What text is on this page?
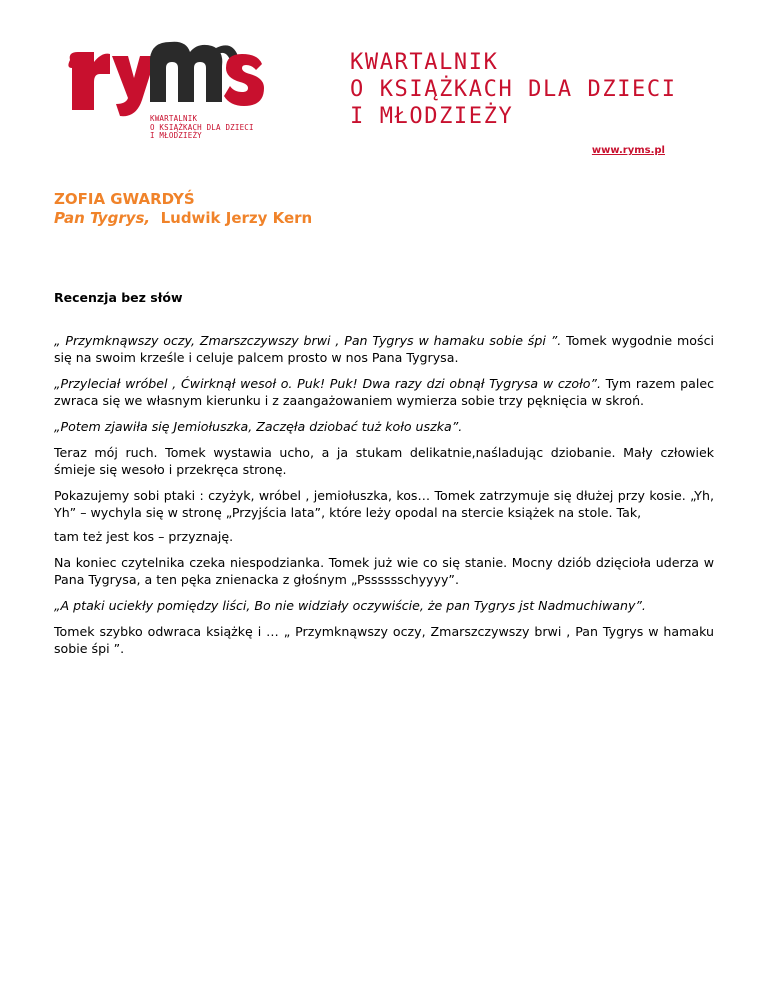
KWARTALNIK
O KSIĄŻKACH DLA DZIECI
I MŁODZIEŻY
KWARTALNIK
O KSIĄŻKACH DLA DZIECI
I MŁODZIEŻY
www.ryms.pl
ZOFIA GWARDYŚ
Pan Tygrys, Ludwik Jerzy Kern
Recenzja bez słów

„ Przymknąwszy oczy, Zmarszczywszy brwi , Pan Tygrys w hamaku sobie śpi ”. Tomek wygodnie mości się na swoim krześle i celuje palcem prosto w nos Pana Tygrysa.

„Przyleciał wróbel , Ćwirknął wesoł o. Puk! Puk! Dwa razy dzi obnął Tygrysa w czoło”. Tym razem palec zwraca się we własnym kierunku i z zaangażowaniem wymierza sobie trzy pęknięcia w skroń.

„Potem zjawiła się Jemiołuszka, Zaczęła dziobać tuż koło uszka”.

Teraz mój ruch. Tomek wystawia ucho, a ja stukam delikatnie,naśladując dziobanie. Mały człowiek śmieje się wesoło i przekręca stronę.

Pokazujemy sobi ptaki : czyżyk, wróbel , jemiołuszka, kos… Tomek zatrzymuje się dłużej przy kosie. „Yh, Yh” – wychyla się w stronę „Przyjścia lata”, które leży opodal na stercie książek na stole. Tak,

tam też jest kos – przyznaję.

Na koniec czytelnika czeka niespodzianka. Tomek już wie co się stanie. Mocny dziób dzięcioła uderza w Pana Tygrysa, a ten pęka znienacka z głośnym „Psssssschyyyy”.

„A ptaki uciekły pomiędzy liści, Bo nie widziały oczywiście, że pan Tygrys jst Nadmuchiwany”.

Tomek szybko odwraca książkę i … „ Przymknąwszy oczy, Zmarszczywszy brwi , Pan Tygrys w hamaku sobie śpi ”.
